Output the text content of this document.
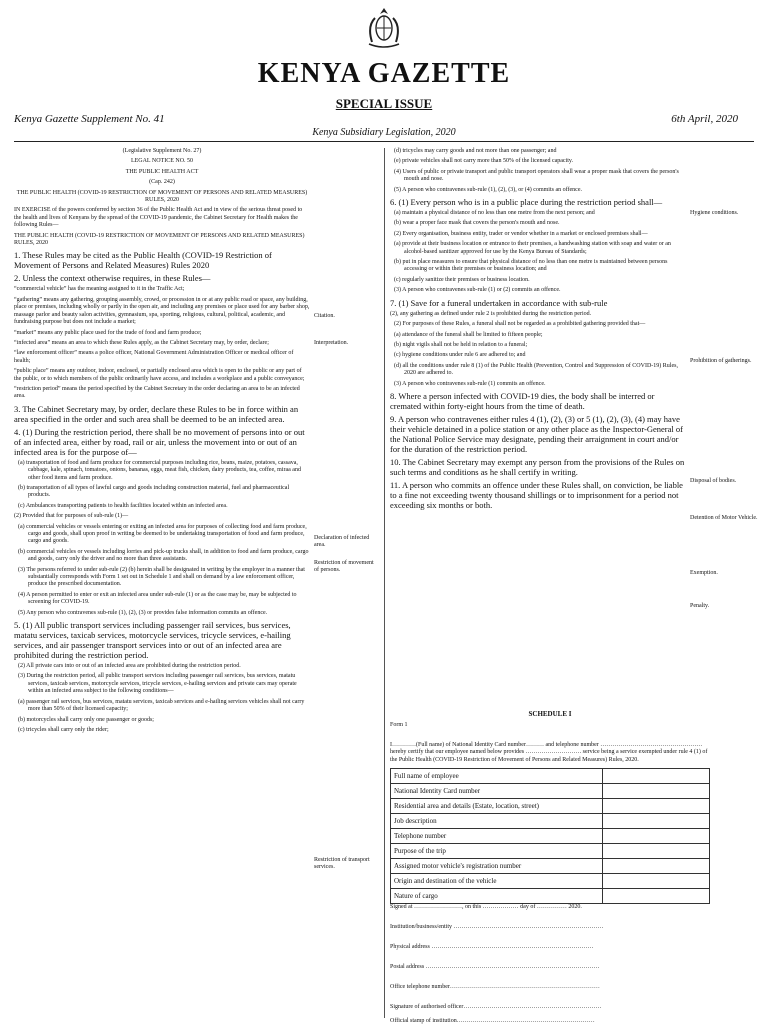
KENYA GAZETTE
SPECIAL ISSUE
Kenya Gazette Supplement No. 41	6th April, 2020
Kenya Subsidiary Legislation, 2020

(Legislative Supplement No. 27)

LEGAL NOTICE NO. 50

THE PUBLIC HEALTH ACT

(Cap. 242)

THE PUBLIC HEALTH (COVID-19 RESTRICTION OF MOVEMENT OF PERSONS AND RELATED MEASURES) RULES, 2020

IN EXERCISE of the powers conferred by section 36 of the Public Health Act and in view of the serious threat posed to the health and lives of Kenyans by the spread of the COVID-19 pandemic, the Cabinet Secretary for Health makes the following Rules—

THE PUBLIC HEALTH (COVID-19 RESTRICTION OF MOVEMENT OF PERSONS AND RELATED MEASURES) RULES, 2020

1. These Rules may be cited as the Public Health (COVID-19 Restriction of Movement of Persons and Related Measures) Rules 2020

2. Unless the context otherwise requires, in these Rules—

“commercial vehicle” has the meaning assigned to it in the Traffic Act;

“gathering” means any gathering, grouping assembly, crowd, or procession in or at any public road or space, any building, place or premises, including wholly or partly in the open air, and including any premises or place used for any barber shop, massage parlor and beauty salon activities, gymnasium, spa, sporting, religious, cultural, political, academic, and fundraising purpose but does not include a market;

“market” means any public place used for the trade of food and farm produce;

“infected area” means an area to which these Rules apply, as the Cabinet Secretary may, by order, declare;

“law enforcement officer” means a police officer, National Government Administration Officer or medical officer of health;

“public place” means any outdoor, indoor, enclosed, or partially enclosed area which is open to the public or any part of the public, or to which members of the public ordinarily have access, and includes a workplace and a public conveyance;

“restriction period” means the period specified by the Cabinet Secretary in the order declaring an area to be an infected area.

3. The Cabinet Secretary may, by order, declare these Rules to be in force within an area specified in the order and such area shall be deemed to be an infected area.

4. (1) During the restriction period, there shall be no movement of persons into or out of an infected area, either by road, rail or air, unless the movement into or out of an infected area is for the purpose of—

(a) transportation of food and farm produce for commercial purposes including rice, beans, maize, potatoes, cassava, cabbage, kale, spinach, tomatoes, onions, bananas, eggs, meat fish, chicken, dairy products, tea, coffee, miraa and other food items and farm produce.

(b) transportation of all types of lawful cargo and goods including construction material, fuel and pharmaceutical products.

(c) Ambulances transporting patients to health facilities located within an infected area.

(2) Provided that for purposes of sub-rule (1)—

(a) commercial vehicles or vessels entering or exiting an infected area for purposes of collecting food and farm produce, cargo and goods, shall upon proof in writing be deemed to be undertaking transportation of food and farm produce, cargo and goods.

(b) commercial vehicles or vessels including lorries and pick-up trucks shall, in addition to food and farm produce, cargo and goods, carry only the driver and no more than three assistants.

(3) The persons referred to under sub-rule (2) (b) herein shall be designated in writing by the employer in a manner that substantially corresponds with Form 1 set out in Schedule 1 and shall on demand by a law enforcement officer, produce the prescribed documentation.

(4) A person permitted to enter or exit an infected area under sub-rule (1) or as the case may be, may be subjected to screening for COVID-19.

(5) Any person who contravenes sub-rule (1), (2), (3) or provides false information commits an offence.

5. (1) All public transport services including passenger rail services, bus services, matatu services, taxicab services, motorcycle services, tricycle services, e-hailing services, and air passenger transport services into or out of an infected area are prohibited during the restriction period.

(2) All private cars into or out of an infected area are prohibited during the restriction period.

(3) During the restriction period, all public transport services including passenger rail services, bus services, matatu services, taxicab services, motorcycle services, tricycle services, e-hailing services and private cars may operate within an infected area subject to the following conditions—

(a) passenger rail services, bus services, matatu services, taxicab services and e-hailing services vehicles shall not carry more than 50% of their licensed capacity;

(b) motorcycles shall carry only one passenger or goods;

(c) tricycles shall carry only the rider;

Citation.
Interpretation.
Declaration of infected area.
Restriction of movement of persons.
Restriction of transport services.

(d) tricycles may carry goods and not more than one passenger; and

(e) private vehicles shall not carry more than 50% of the licensed capacity.

(4) Users of public or private transport and public transport operators shall wear a proper mask that covers the person's mouth and nose.

(5) A person who contravenes sub-rule (1), (2), (3), or (4) commits an offence.

6. (1) Every person who is in a public place during the restriction period shall—

(a) maintain a physical distance of no less than one metre from the next person; and

(b) wear a proper face mask that covers the person's mouth and nose.

(2) Every organisation, business entity, trader or vendor whether in a market or enclosed premises shall—

(a) provide at their business location or entrance to their premises, a handwashing station with soap and water or an alcohol-based sanitizer approved for use by the Kenya Bureau of Standards;

(b) put in place measures to ensure that physical distance of no less than one metre is maintained between persons accessing or within their premises or business location; and

(c) regularly sanitize their premises or business location.

(3) A person who contravenes sub-rule (1) or (2) commits an offence.

7. (1) Save for a funeral undertaken in accordance with sub-rule

(2), any gathering as defined under rule 2 is prohibited during the restriction period.

(2) For purposes of these Rules, a funeral shall not be regarded as a prohibited gathering provided that—

(a) attendance of the funeral shall be limited to fifteen people;

(b) night vigils shall not be held in relation to a funeral;

(c) hygiene conditions under rule 6 are adhered to; and

(d) all the conditions under rule 8 (1) of the Public Health (Prevention, Control and Suppression of COVID-19) Rules, 2020 are adhered to.

(3) A person who contravenes sub-rule (1) commits an offence.

8. Where a person infected with COVID-19 dies, the body shall be interred or cremated within forty-eight hours from the time of death.

9. A person who contravenes either rules 4 (1), (2), (3) or 5 (1), (2), (3), (4) may have their vehicle detained in a police station or any other place as the Inspector-General of the National Police Service may designate, pending their arraignment in court and/or for the duration of the restriction period.

10. The Cabinet Secretary may exempt any person from the provisions of the Rules on such terms and conditions as he shall certify in writing.

11. A person who commits an offence under these Rules shall, on conviction, be liable to a fine not exceeding twenty thousand shillings or to imprisonment for a period not exceeding six months or both.

Hygiene conditions.
Prohibition of gatherings.
Disposal of bodies.
Detention of Motor Vehicle.
Exemption.
Penalty.
SCHEDULE I
Form 1
I…………(Full name) of National Identity Card number……… and telephone number …………………………………………… hereby certify that our employee named below provides ………………………. service being a service exempted under rule 4 (1) of the Public Health (COVID-19 Restriction of Movement of Persons and Related Measures) Rules, 2020.
Full name of employee	
National Identity Card number	
Residential area and details (Estate, location, street)	
Job description	
Telephone number	
Purpose of the trip	
Assigned motor vehicle's registration number	
Origin and destination of the vehicle	
Nature of cargo	
Signed at ……………………, on this ……………… day of …………… 2020.
Institution/business/entity …………………………………………………………………
Physical address ………………………………………………………………………
Postal address ……………………………………………………………………………
Office telephone number…………………………………………………………………
Signature of authorised officer……………………………………………………………
Official stamp of institution……………………………………………………………
